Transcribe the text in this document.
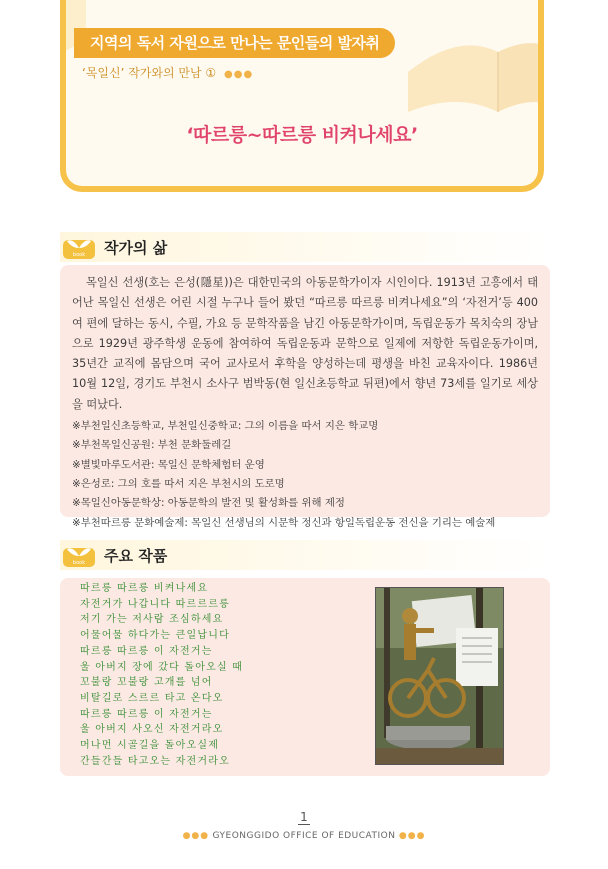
지역의 독서 자원으로 만나는 문인들의 발자취
‘목일신’ 작가와의 만남 ① ●●●
‘따르릉~따르릉 비켜나세요’
book 작가의 삶
목일신 선생(호는 은성(隱星))은 대한민국의 아동문학가이자 시인이다. 1913년 고흥에서 태어난 목일신 선생은 어린 시절 누구나 들어 봤던 “따르릉 따르릉 비켜나세요”의 ‘자전거’등 400여 편에 달하는 동시, 수필, 가요 등 문학작품을 남긴 아동문학가이며, 독립운동가 목치숙의 장남으로 1929년 광주학생 운동에 참여하여 독립운동과 문학으로 일제에 저항한 독립운동가이며, 35년간 교직에 몸담으며 국어 교사로서 후학을 양성하는데 평생을 바친 교육자이다. 1986년 10월 12일, 경기도 부천시 소사구 범박동(현 일신초등학교 뒤편)에서 향년 73세를 일기로 세상을 떠났다.
※부천일신초등학교, 부천일신중학교: 그의 이름을 따서 지은 학교명
※부천목일신공원: 부천 문화둘레길
※별빛마루도서관: 목일신 문학체험터 운영
※은성로: 그의 호를 따서 지은 부천시의 도로명
※목일신아동문학상: 아동문학의 발전 및 활성화를 위해 제정
※부천따르릉 문화예술제: 목일신 선생님의 시문학 정신과 항일독립운동 전신을 기리는 예술제
book 주요 작품
따르릉 따르릉 비켜나세요
자전거가 나갑니다 따르르르릉
저기 가는 저사람 조심하세요
어물어물 하다가는 큰일납니다
따르릉 따르릉 이 자전거는
울 아버지 장에 갔다 돌아오실 때
꼬불랑 꼬불랑 고개를 넘어
비탈길로 스르르 타고 온다오
따르릉 따르릉 이 자전거는
울 아버지 사오신 자전거라오
머나먼 시골길을 돌아오실제
간들간들 타고오는 자전거라오
1
●●● GYEONGGIDO OFFICE OF EDUCATION ●●●
